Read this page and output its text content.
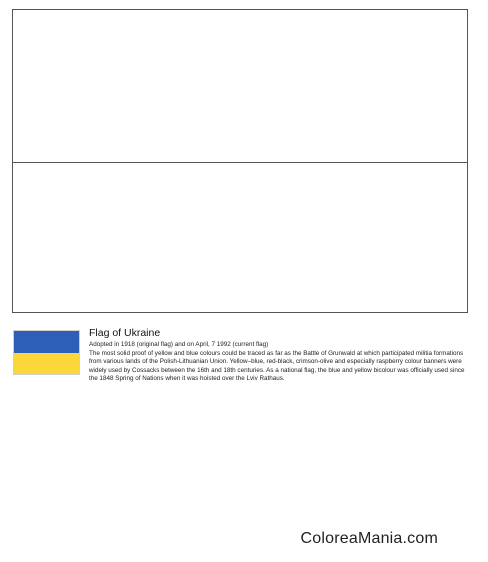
Flag of Ukraine

Adopted in 1918 (original flag) and on April, 7 1992 (current flag)

The most solid proof of yellow and blue colours could be traced as far as the Battle of Grunwald at which participated militia formations from various lands of the Polish-Lithuanian Union. Yellow–blue, red-black, crimson-olive and especially raspberry colour banners were widely used by Cossacks between the 16th and 18th centuries. As a national flag, the blue and yellow bicolour was officially used since the 1848 Spring of Nations when it was hoisted over the Lviv Rathaus.

ColoreaMania.com
